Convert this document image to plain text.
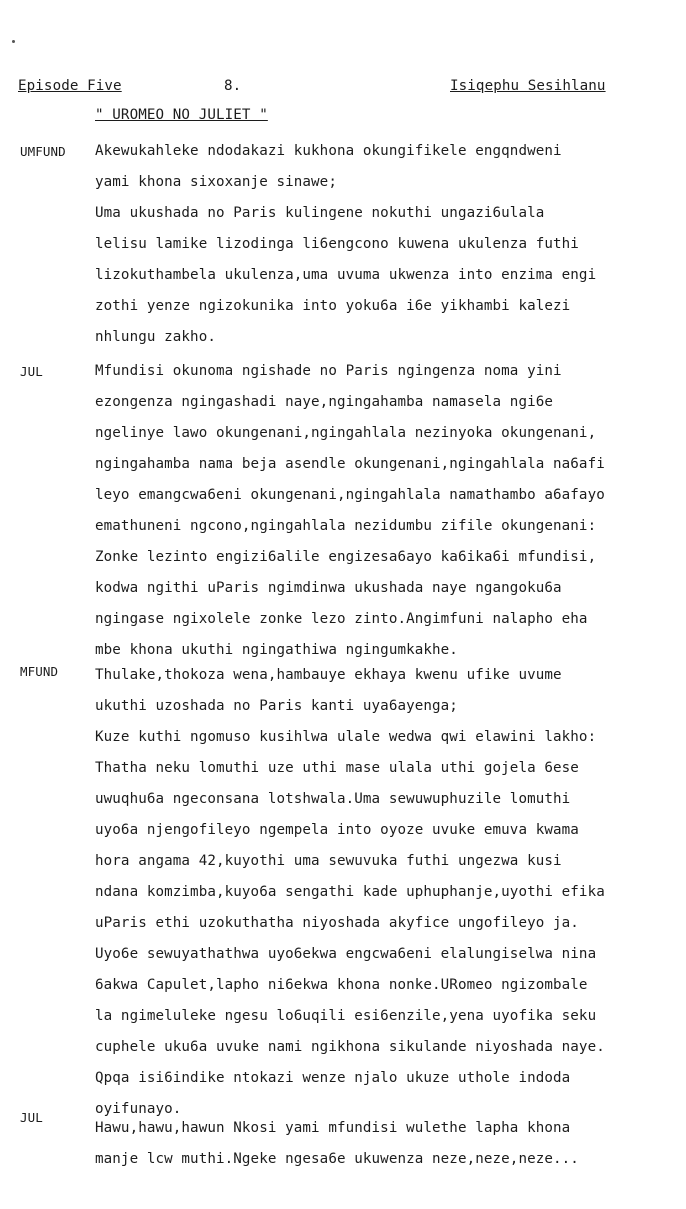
Episode Five	8.	Isiqephu Sesihlanu
" UROMEO NO JULIET "
UMFUND Akewukahleke ndodakazi kukhona okungifikele engqndweni
yami khona sixoxanje sinawe;
Uma ukushada no Paris kulingene nokuthi ungazi6ulala
lelisu lamike lizodinga li6engcono kuwena ukulenza futhi
lizokuthambela ukulenza,uma uvuma ukwenza into enzima engi
zothi yenze ngizokunika into yoku6a i6e yikhambi kalezi
nhlungu zakho.
JUL	Mfundisi okunoma ngishade no Paris ngingenza noma yini
ezongenza ngingashadi naye,ngingahamba namasela ngi6e
ngelinye lawo okungenani,ngingahlala nezinyoka okungenani,
ngingahamba nama beja asendle okungenani,ngingahlala na6afi
leyo emangcwa6eni okungenani,ngingahlala namathambo a6afayo
emathuneni ngcono,ngingahlala nezidumbu zifile okungenani:
Zonke lezinto engizi6alile engizesa6ayo ka6ika6i mfundisi,
kodwa ngithi uParis ngimdinwa ukushada naye ngangoku6a
ngingase ngixolele zonke lezo zinto.Angimfuni nalapho eha
mbe khona ukuthi ngingathiwa ngingumkakhe.
MFUND	Thulake,thokoza wena,hambauye ekhaya kwenu ufike uvume
ukuthi uzoshada no Paris kanti uya6ayenga;
Kuze kuthi ngomuso kusihlwa ulale wedwa qwi elawini lakho:
Thatha neku lomuthi uze uthi mase ulala uthi gojela 6ese
uwuqhu6a ngeconsana lotshwala.Uma sewuwuphuzile lomuthi
uyo6a njengofileyo ngempela into oyoze uvuke emuva kwama
hora angama 42,kuyothi uma sewuvuka futhi ungezwa kusi
ndana komzimba,kuyo6a sengathi kade uphuphanje,uyothi efika
uParis ethi uzokuthatha niyoshada akyfice ungofileyo ja.
Uyo6e sewuyathathwa uyo6ekwa engcwa6eni elalungiselwa nina
6akwa Capulet,lapho ni6ekwa khona nonke.URomeo ngizombale
la ngimeluleke ngesu lo6uqili esi6enzile,yena uyofika seku
cuphele uku6a uvuke nami ngikhona sikulande niyoshada naye.
Qpqa isi6indike ntokazi wenze njalo ukuze uthole indoda
oyifunayo.
JUL
Hawu,hawu,hawun Nkosi yami mfundisi wulethe lapha khona
manje lcw muthi.Ngeke ngesa6e ukuwenza neze,neze,neze...
